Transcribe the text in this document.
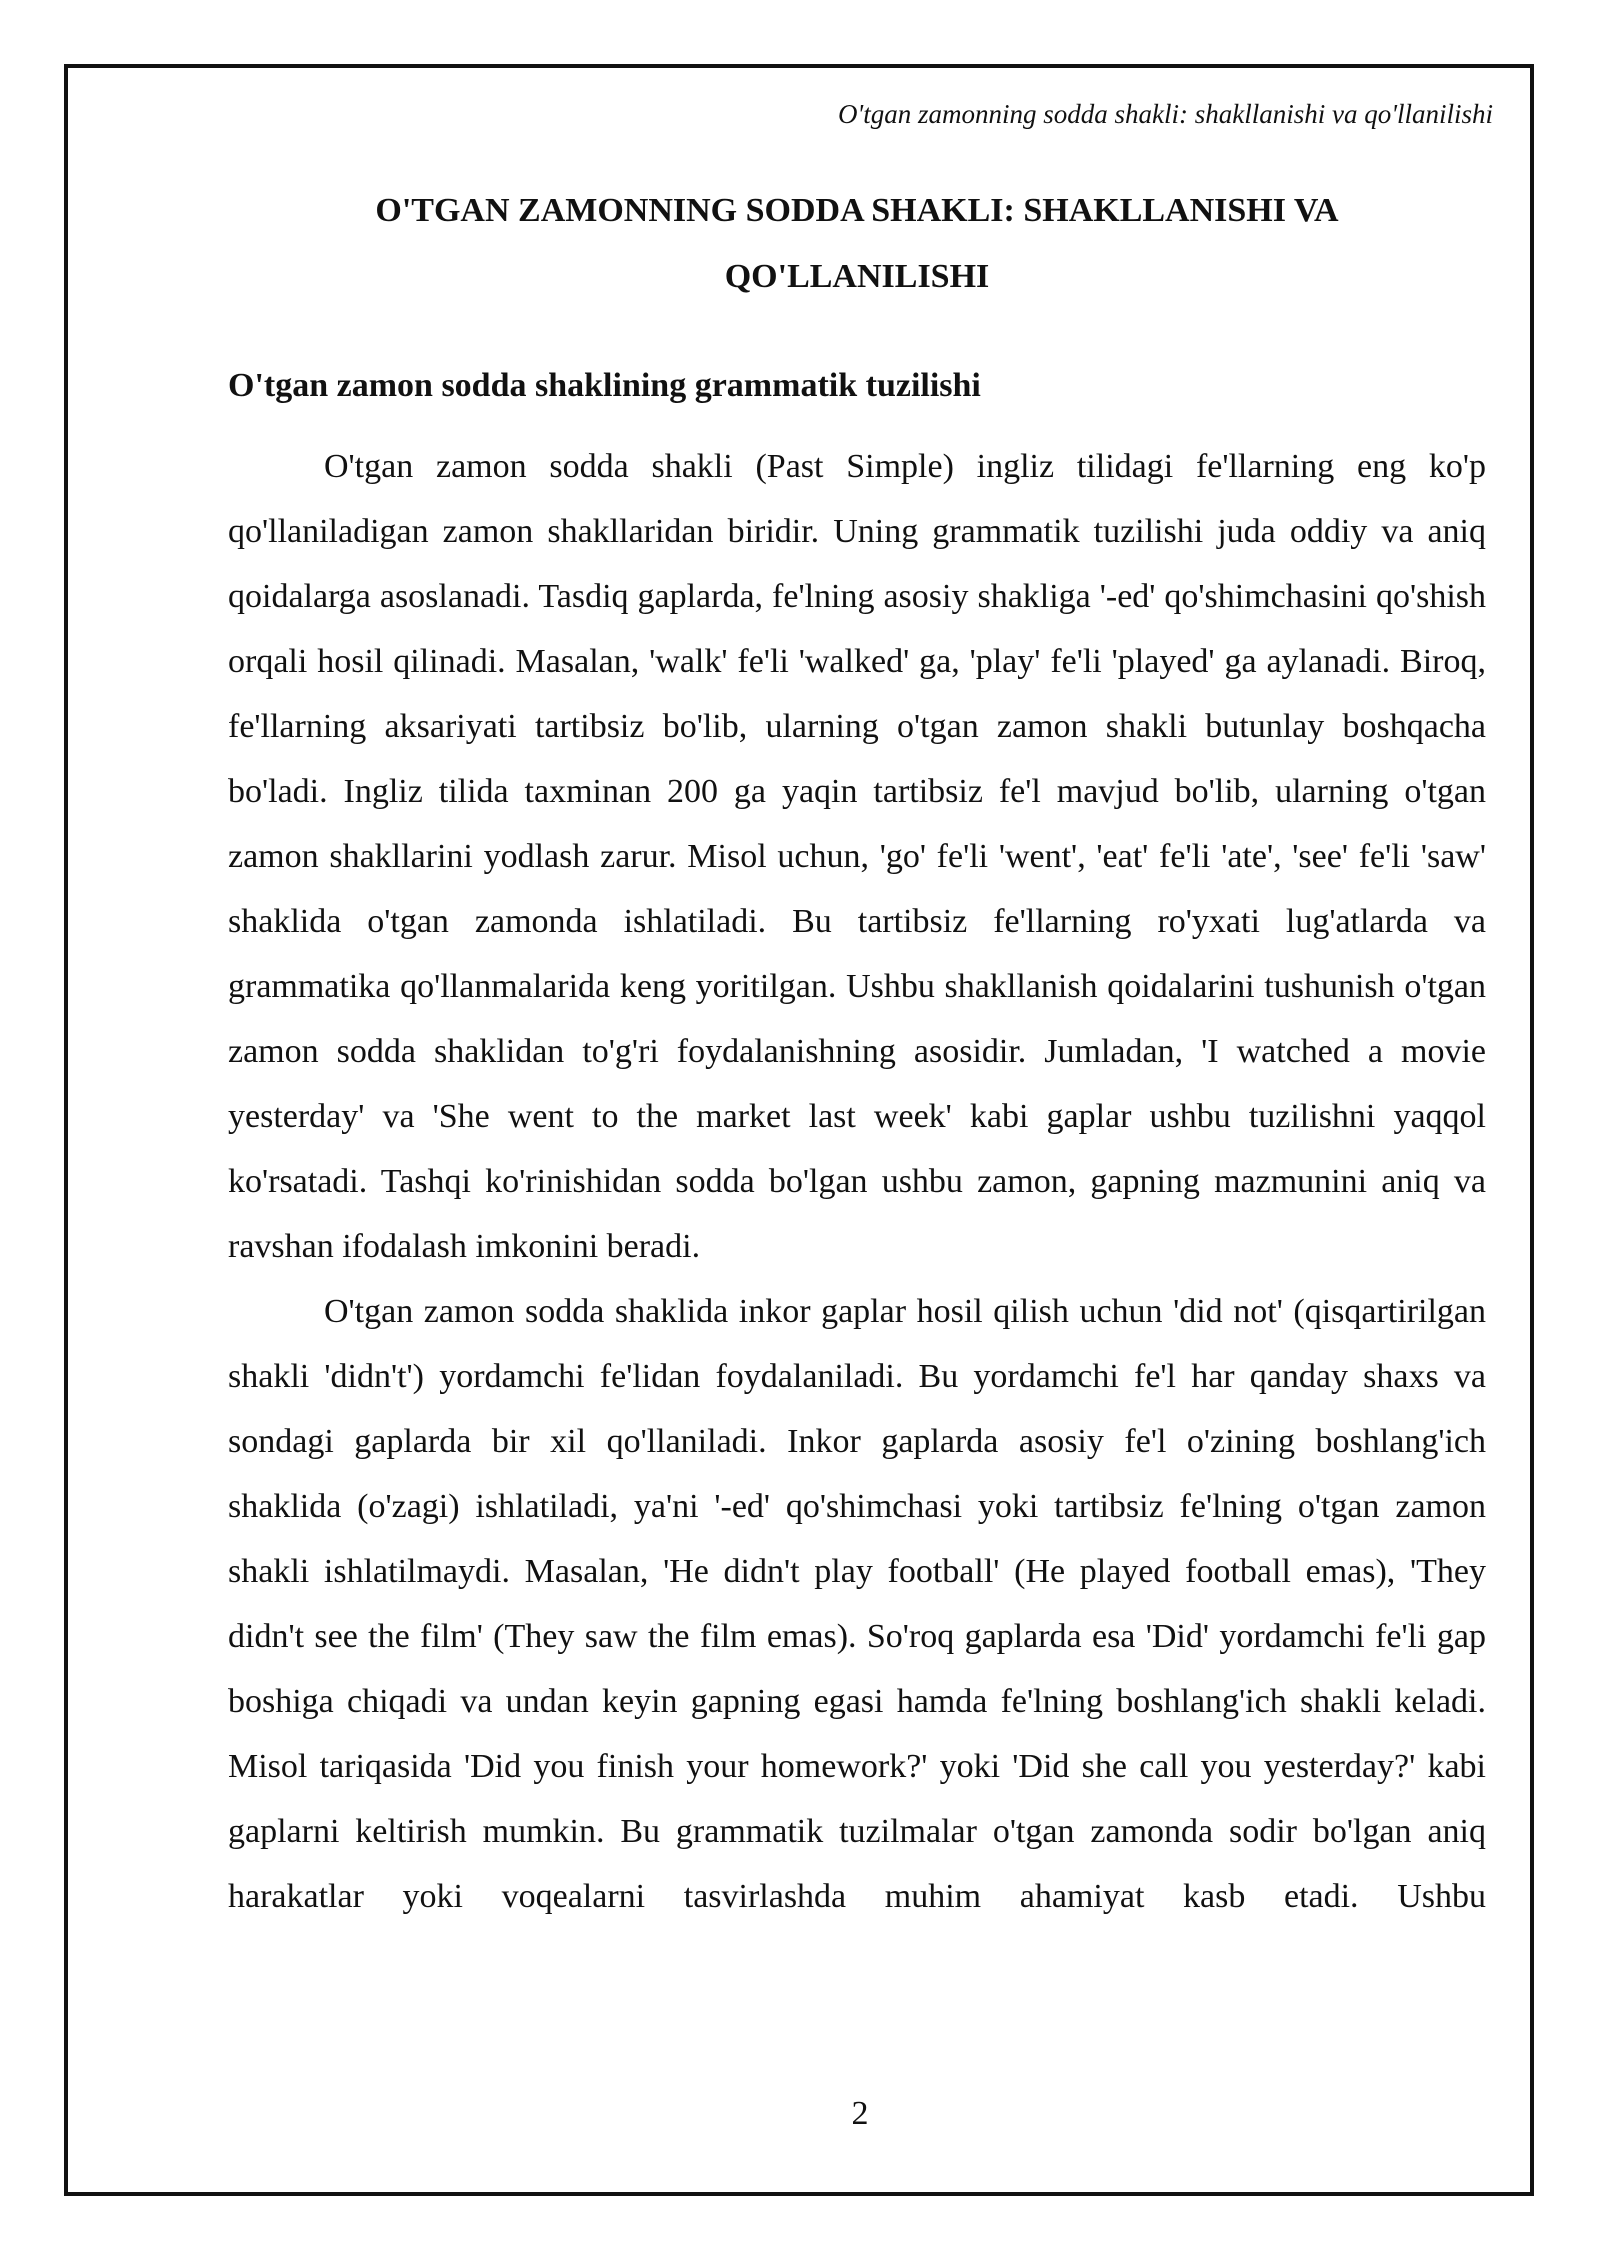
O'tgan zamonning sodda shakli: shakllanishi va qo'llanilishi
O'TGAN ZAMONNING SODDA SHAKLI: SHAKLLANISHI VA
QO'LLANILISHI
O'tgan zamon sodda shaklining grammatik tuzilishi

O'tgan zamon sodda shakli (Past Simple) ingliz tilidagi fe'llarning eng ko'p qo'llaniladigan zamon shakllaridan biridir. Uning grammatik tuzilishi juda oddiy va aniq qoidalarga asoslanadi. Tasdiq gaplarda, fe'lning asosiy shakliga '-ed' qo'shimchasini qo'shish orqali hosil qilinadi. Masalan, 'walk' fe'li 'walked' ga, 'play' fe'li 'played' ga aylanadi. Biroq, fe'llarning aksariyati tartibsiz bo'lib, ularning o'tgan zamon shakli butunlay boshqacha bo'ladi. Ingliz tilida taxminan 200 ga yaqin tartibsiz fe'l mavjud bo'lib, ularning o'tgan zamon shakllarini yodlash zarur. Misol uchun, 'go' fe'li 'went', 'eat' fe'li 'ate', 'see' fe'li 'saw' shaklida o'tgan zamonda ishlatiladi. Bu tartibsiz fe'llarning ro'yxati lug'atlarda va grammatika qo'llanmalarida keng yoritilgan. Ushbu shakllanish qoidalarini tushunish o'tgan zamon sodda shaklidan to'g'ri foydalanishning asosidir. Jumladan, 'I watched a movie yesterday' va 'She went to the market last week' kabi gaplar ushbu tuzilishni yaqqol ko'rsatadi. Tashqi ko'rinishidan sodda bo'lgan ushbu zamon, gapning mazmunini aniq va ravshan ifodalash imkonini beradi.

O'tgan zamon sodda shaklida inkor gaplar hosil qilish uchun 'did not' (qisqartirilgan shakli 'didn't') yordamchi fe'lidan foydalaniladi. Bu yordamchi fe'l har qanday shaxs va sondagi gaplarda bir xil qo'llaniladi. Inkor gaplarda asosiy fe'l o'zining boshlang'ich shaklida (o'zagi) ishlatiladi, ya'ni '-ed' qo'shimchasi yoki tartibsiz fe'lning o'tgan zamon shakli ishlatilmaydi. Masalan, 'He didn't play football' (He played football emas), 'They didn't see the film' (They saw the film emas). So'roq gaplarda esa 'Did' yordamchi fe'li gap boshiga chiqadi va undan keyin gapning egasi hamda fe'lning boshlang'ich shakli keladi. Misol tariqasida 'Did you finish your homework?' yoki 'Did she call you yesterday?' kabi gaplarni keltirish mumkin. Bu grammatik tuzilmalar o'tgan zamonda sodir bo'lgan aniq harakatlar yoki voqealarni tasvirlashda muhim ahamiyat kasb etadi. Ushbu

2
